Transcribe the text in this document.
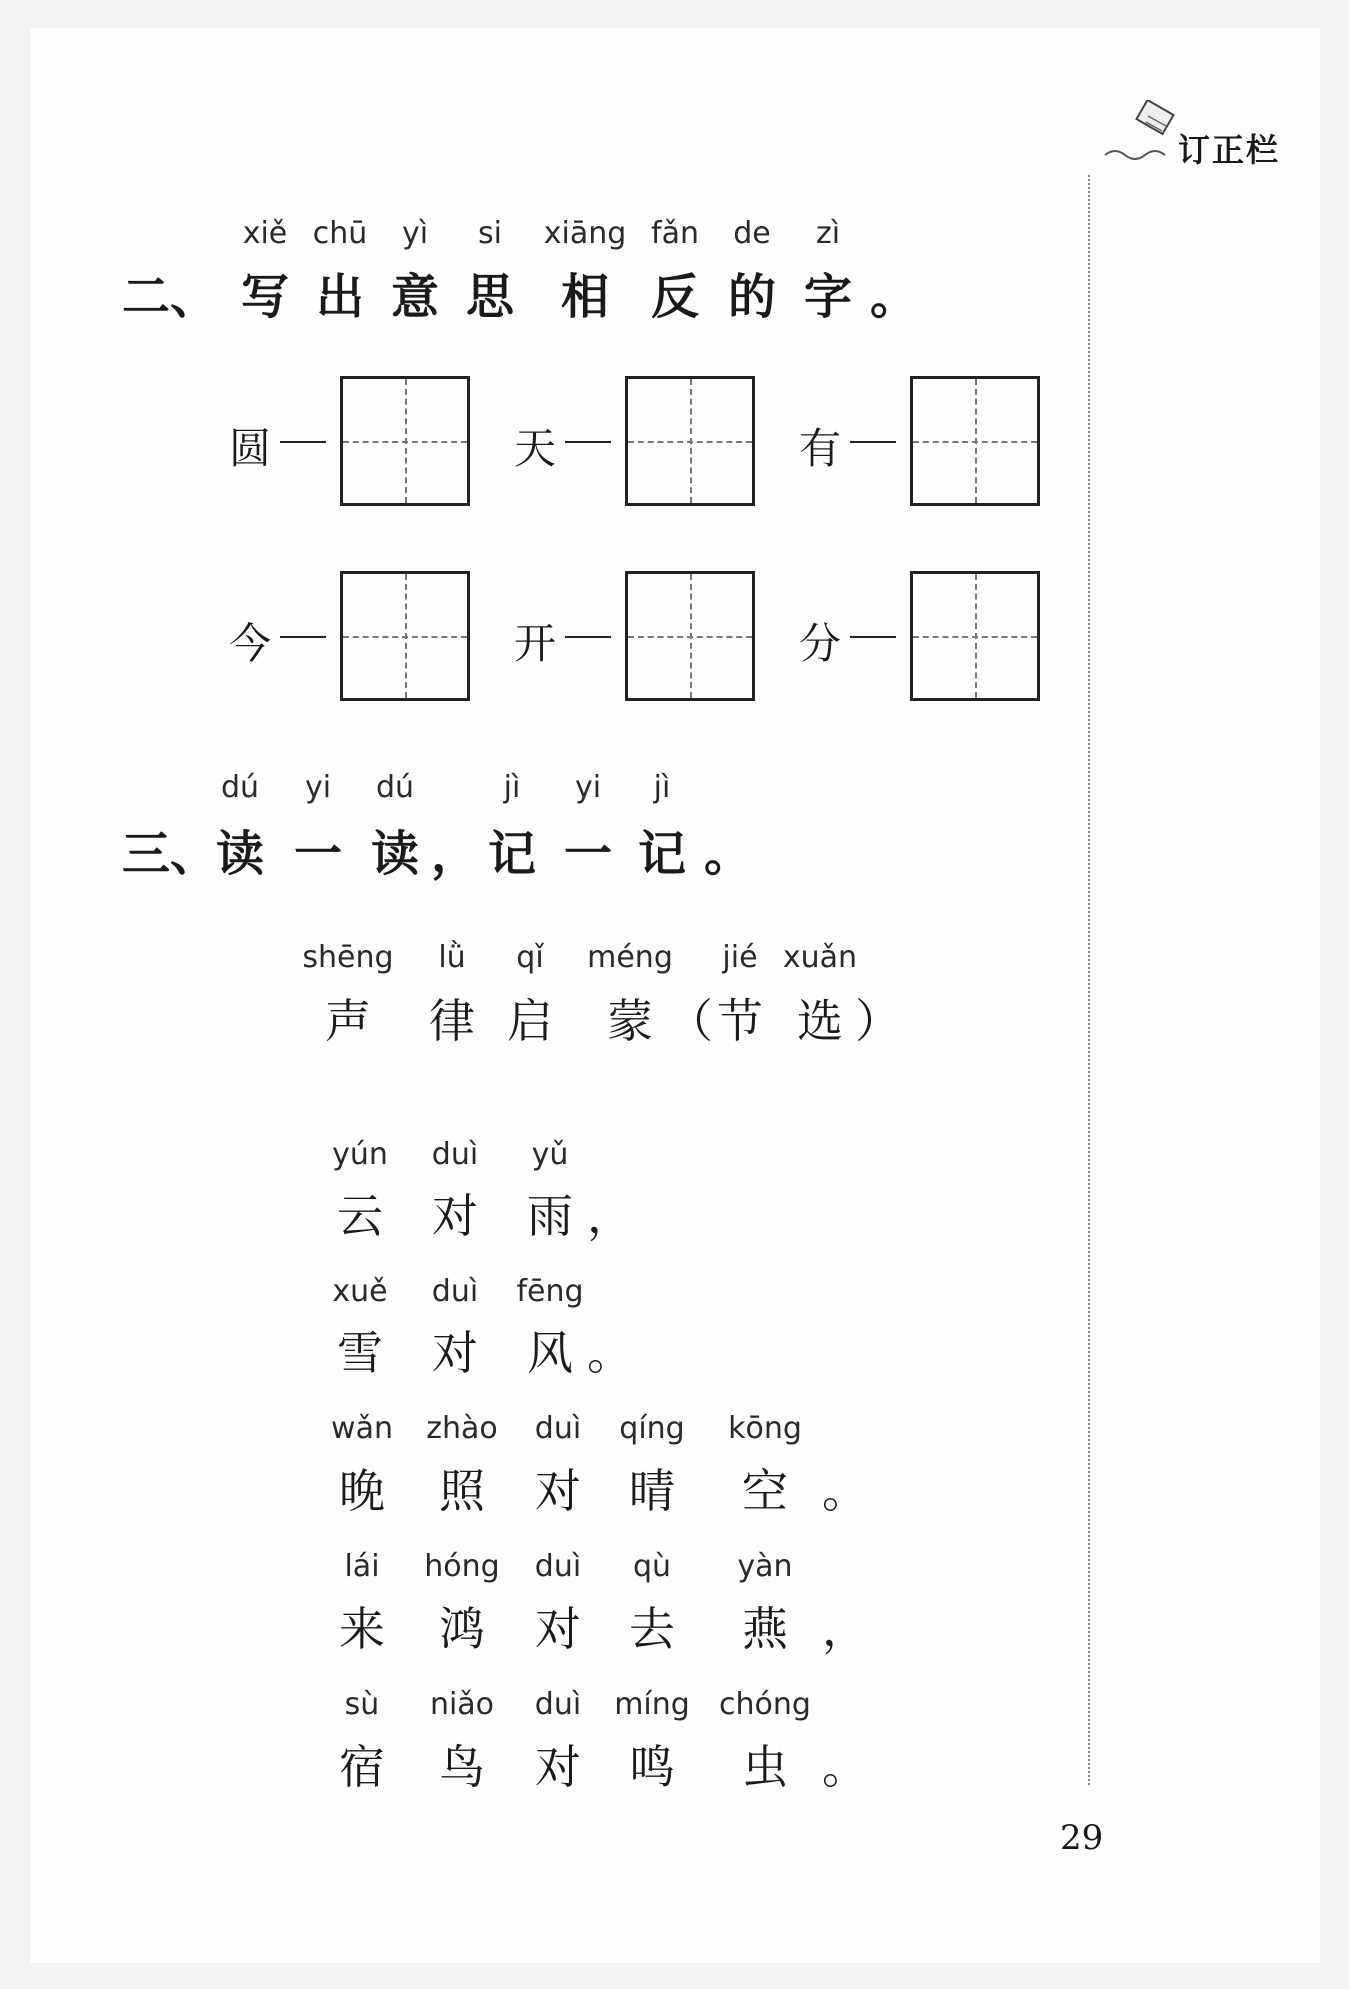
订正栏
二、
xiě
写
chū
出
yì
意
si
思
xiāng
相
fǎn
反
de
的
zì
字 。
圆	天	有
今	开	分
三、
dú
读
yi
一
dú
读 ，
jì
记
yi
一
jì
记 。
shēng
声
lǜ
律
qǐ
启
méng
蒙 （
jié
节
xuǎn
选 ）
yún
云
duì
对
yǔ
雨 ，
xuě
雪
duì
对
fēng
风 。
wǎn
晚
zhào
照
duì
对
qíng
晴
kōng
空 。
lái
来
hóng
鸿
duì
对
qù
去
yàn
燕 ，
sù
宿
niǎo
鸟
duì
对
míng
鸣
chóng
虫 。
29
